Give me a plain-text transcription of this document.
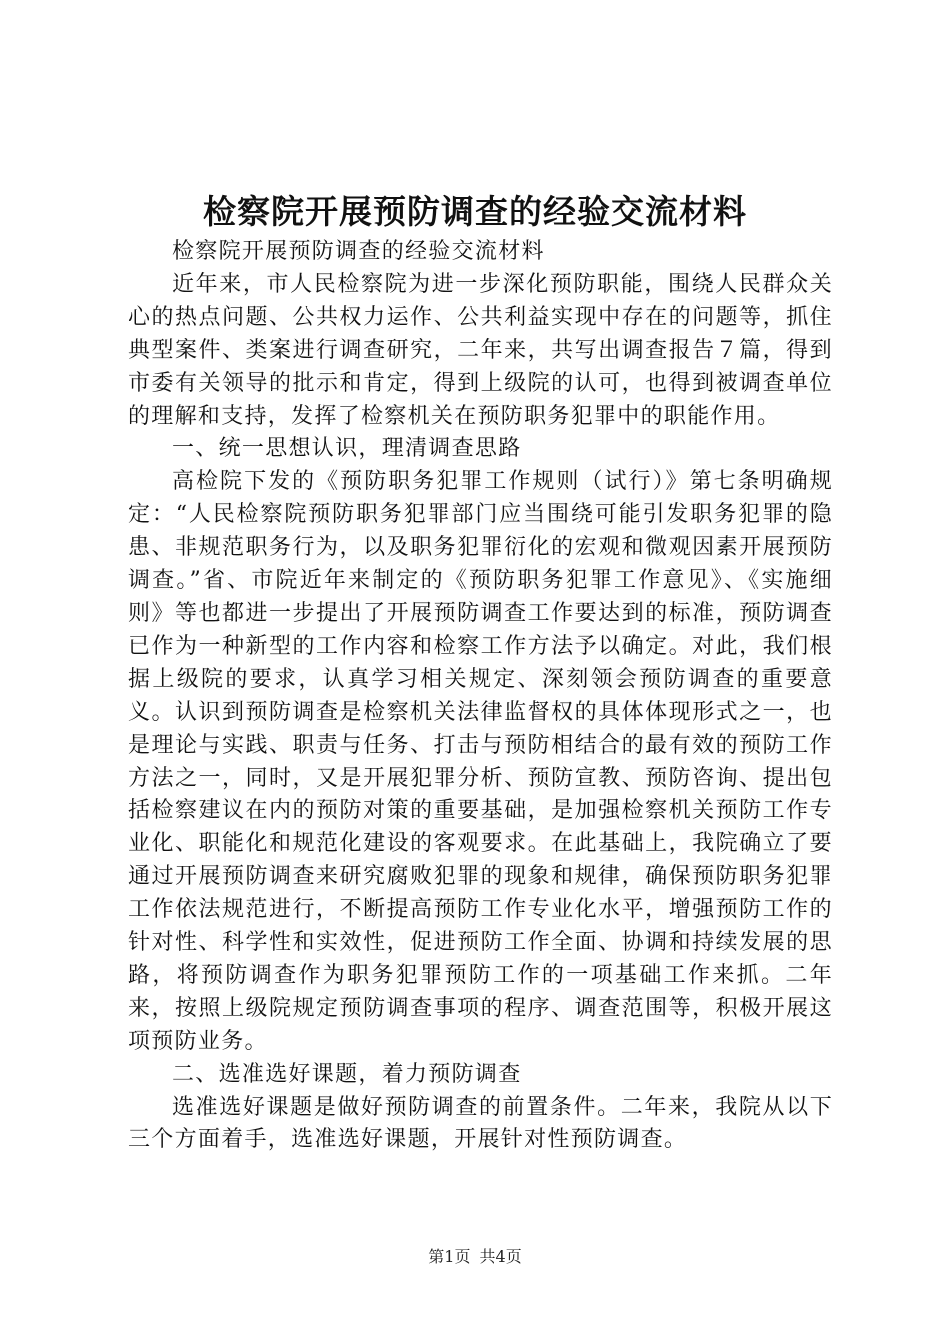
检察院开展预防调查的经验交流材料

检察院开展预防调查的经验交流材料

近年来，市人民检察院为进一步深化预防职能，围绕人民群众关心的热点问题、公共权力运作、公共利益实现中存在的问题等，抓住典型案件、类案进行调查研究，二年来，共写出调查报告７篇，得到市委有关领导的批示和肯定，得到上级院的认可，也得到被调查单位的理解和支持，发挥了检察机关在预防职务犯罪中的职能作用。

一、统一思想认识，理清调查思路

高检院下发的《预防职务犯罪工作规则（试行）》第七条明确规定：“人民检察院预防职务犯罪部门应当围绕可能引发职务犯罪的隐患、非规范职务行为，以及职务犯罪衍化的宏观和微观因素开展预防调查。”省、市院近年来制定的《预防职务犯罪工作意见》、《实施细则》等也都进一步提出了开展预防调查工作要达到的标准，预防调查已作为一种新型的工作内容和检察工作方法予以确定。对此，我们根据上级院的要求，认真学习相关规定、深刻领会预防调查的重要意义。认识到预防调查是检察机关法律监督权的具体体现形式之一，也是理论与实践、职责与任务、打击与预防相结合的最有效的预防工作方法之一，同时，又是开展犯罪分析、预防宣教、预防咨询、提出包括检察建议在内的预防对策的重要基础，是加强检察机关预防工作专业化、职能化和规范化建设的客观要求。在此基础上，我院确立了要通过开展预防调查来研究腐败犯罪的现象和规律，确保预防职务犯罪工作依法规范进行，不断提高预防工作专业化水平，增强预防工作的针对性、科学性和实效性，促进预防工作全面、协调和持续发展的思路，将预防调查作为职务犯罪预防工作的一项基础工作来抓。二年来，按照上级院规定预防调查事项的程序、调查范围等，积极开展这项预防业务。

二、选准选好课题，着力预防调查

选准选好课题是做好预防调查的前置条件。二年来，我院从以下三个方面着手，选准选好课题，开展针对性预防调查。

第1页 共4页
